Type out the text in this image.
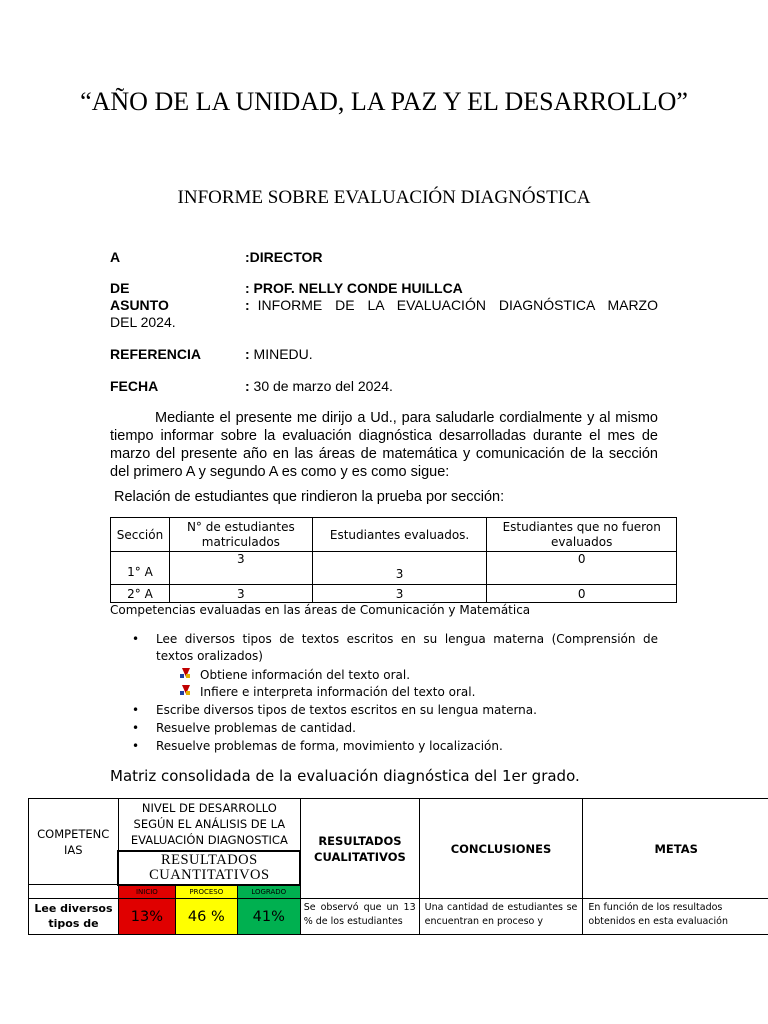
“AÑO DE LA UNIDAD, LA PAZ Y EL DESARROLLO”
INFORME SOBRE EVALUACIÓN DIAGNÓSTICA
A	:DIRECTOR
DE	: PROF. NELLY CONDE HUILLCA
ASUNTO	: INFORME DE LA EVALUACIÓN DIAGNÓSTICA MARZO
DEL 2024.
REFERENCIA	: MINEDU.
FECHA	: 30 de marzo del 2024.
Mediante el presente me dirijo a Ud., para saludarle cordialmente y al mismo tiempo informar sobre la evaluación diagnóstica desarrolladas durante el mes de marzo del presente año en las áreas de matemática y comunicación de la sección del primero A y segundo A es como y es como sigue:
Relación de estudiantes que rindieron la prueba por sección:
Sección	N° de estudiantes matriculados	Estudiantes evaluados.	Estudiantes que no fueron evaluados
1° A	3	3	0
2° A	3	3	0
Competencias evaluadas en las áreas de Comunicación y Matemática
• Lee diversos tipos de textos escritos en su lengua materna (Comprensión de textos oralizados)
Obtiene información del texto oral.
Infiere e interpreta información del texto oral.
• Escribe diversos tipos de textos escritos en su lengua materna.
• Resuelve problemas de cantidad.
• Resuelve problemas de forma, movimiento y localización.
Matriz consolidada de la evaluación diagnóstica del 1er grado.
COMPETENC
IAS	NIVEL DE DESARROLLO SEGÚN EL ANÁLISIS DE LA EVALUACIÓN DIAGNOSTICA			RESULTADOS CUALITATIVOS	CONCLUSIONES	METAS
	RESULTADOS CUANTITATIVOS					
	INICIO	PROCESO	LOGRADO			
Lee diversos tipos de	13%	46 %	41%	Se observó que un 13 % de los estudiantes	Una cantidad de estudiantes se encuentran en proceso y	En función de los resultados obtenidos en esta evaluación
